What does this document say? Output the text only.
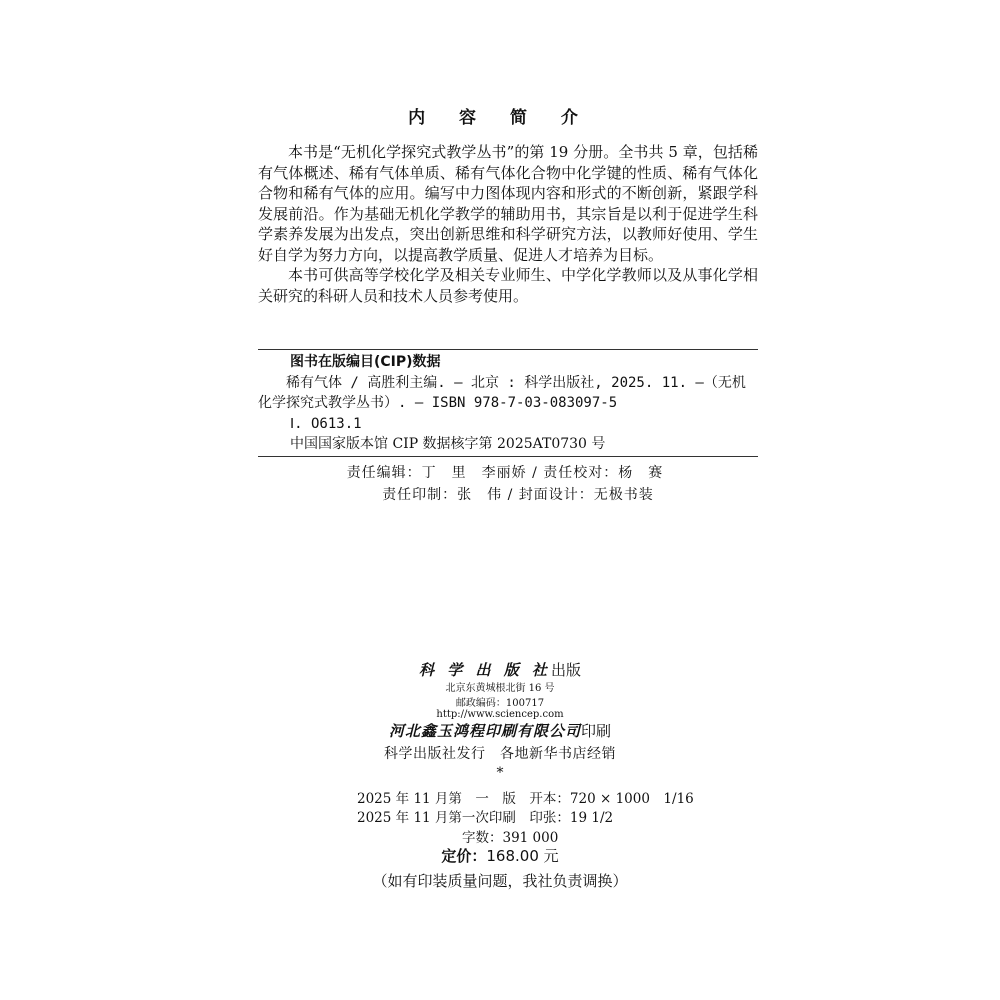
内 容 简 介

本书是“无机化学探究式教学丛书”的第 19 分册。全书共 5 章，包括稀有气体概述、稀有气体单质、稀有气体化合物中化学键的性质、稀有气体化合物和稀有气体的应用。编写中力图体现内容和形式的不断创新，紧跟学科发展前沿。作为基础无机化学教学的辅助用书，其宗旨是以利于促进学生科学素养发展为出发点，突出创新思维和科学研究方法，以教师好使用、学生好自学为努力方向，以提高教学质量、促进人才培养为目标。

本书可供高等学校化学及相关专业师生、中学化学教师以及从事化学相关研究的科研人员和技术人员参考使用。

图书在版编目(CIP)数据
稀有气体 / 高胜利主编. — 北京 : 科学出版社, 2025. 11. —（无机化学探究式教学丛书）. — ISBN 978-7-03-083097-5
Ⅰ. O613.1
中国国家版本馆 CIP 数据核字第 2025AT0730 号
责任编辑：丁　里　李丽娇 / 责任校对：杨　赛
责任印制：张　伟 / 封面设计：无极书装
科 学 出 版 社出版
北京东黄城根北街 16 号
邮政编码：100717
http://www.sciencep.com
河北鑫玉鸿程印刷有限公司印刷
科学出版社发行　各地新华书店经销
*
2025 年 11 月第　一　版　开本：720 × 1000　1/16
2025 年 11 月第一次印刷　印张：19 1/2
字数：391 000
定价：168.00 元
（如有印装质量问题，我社负责调换）
